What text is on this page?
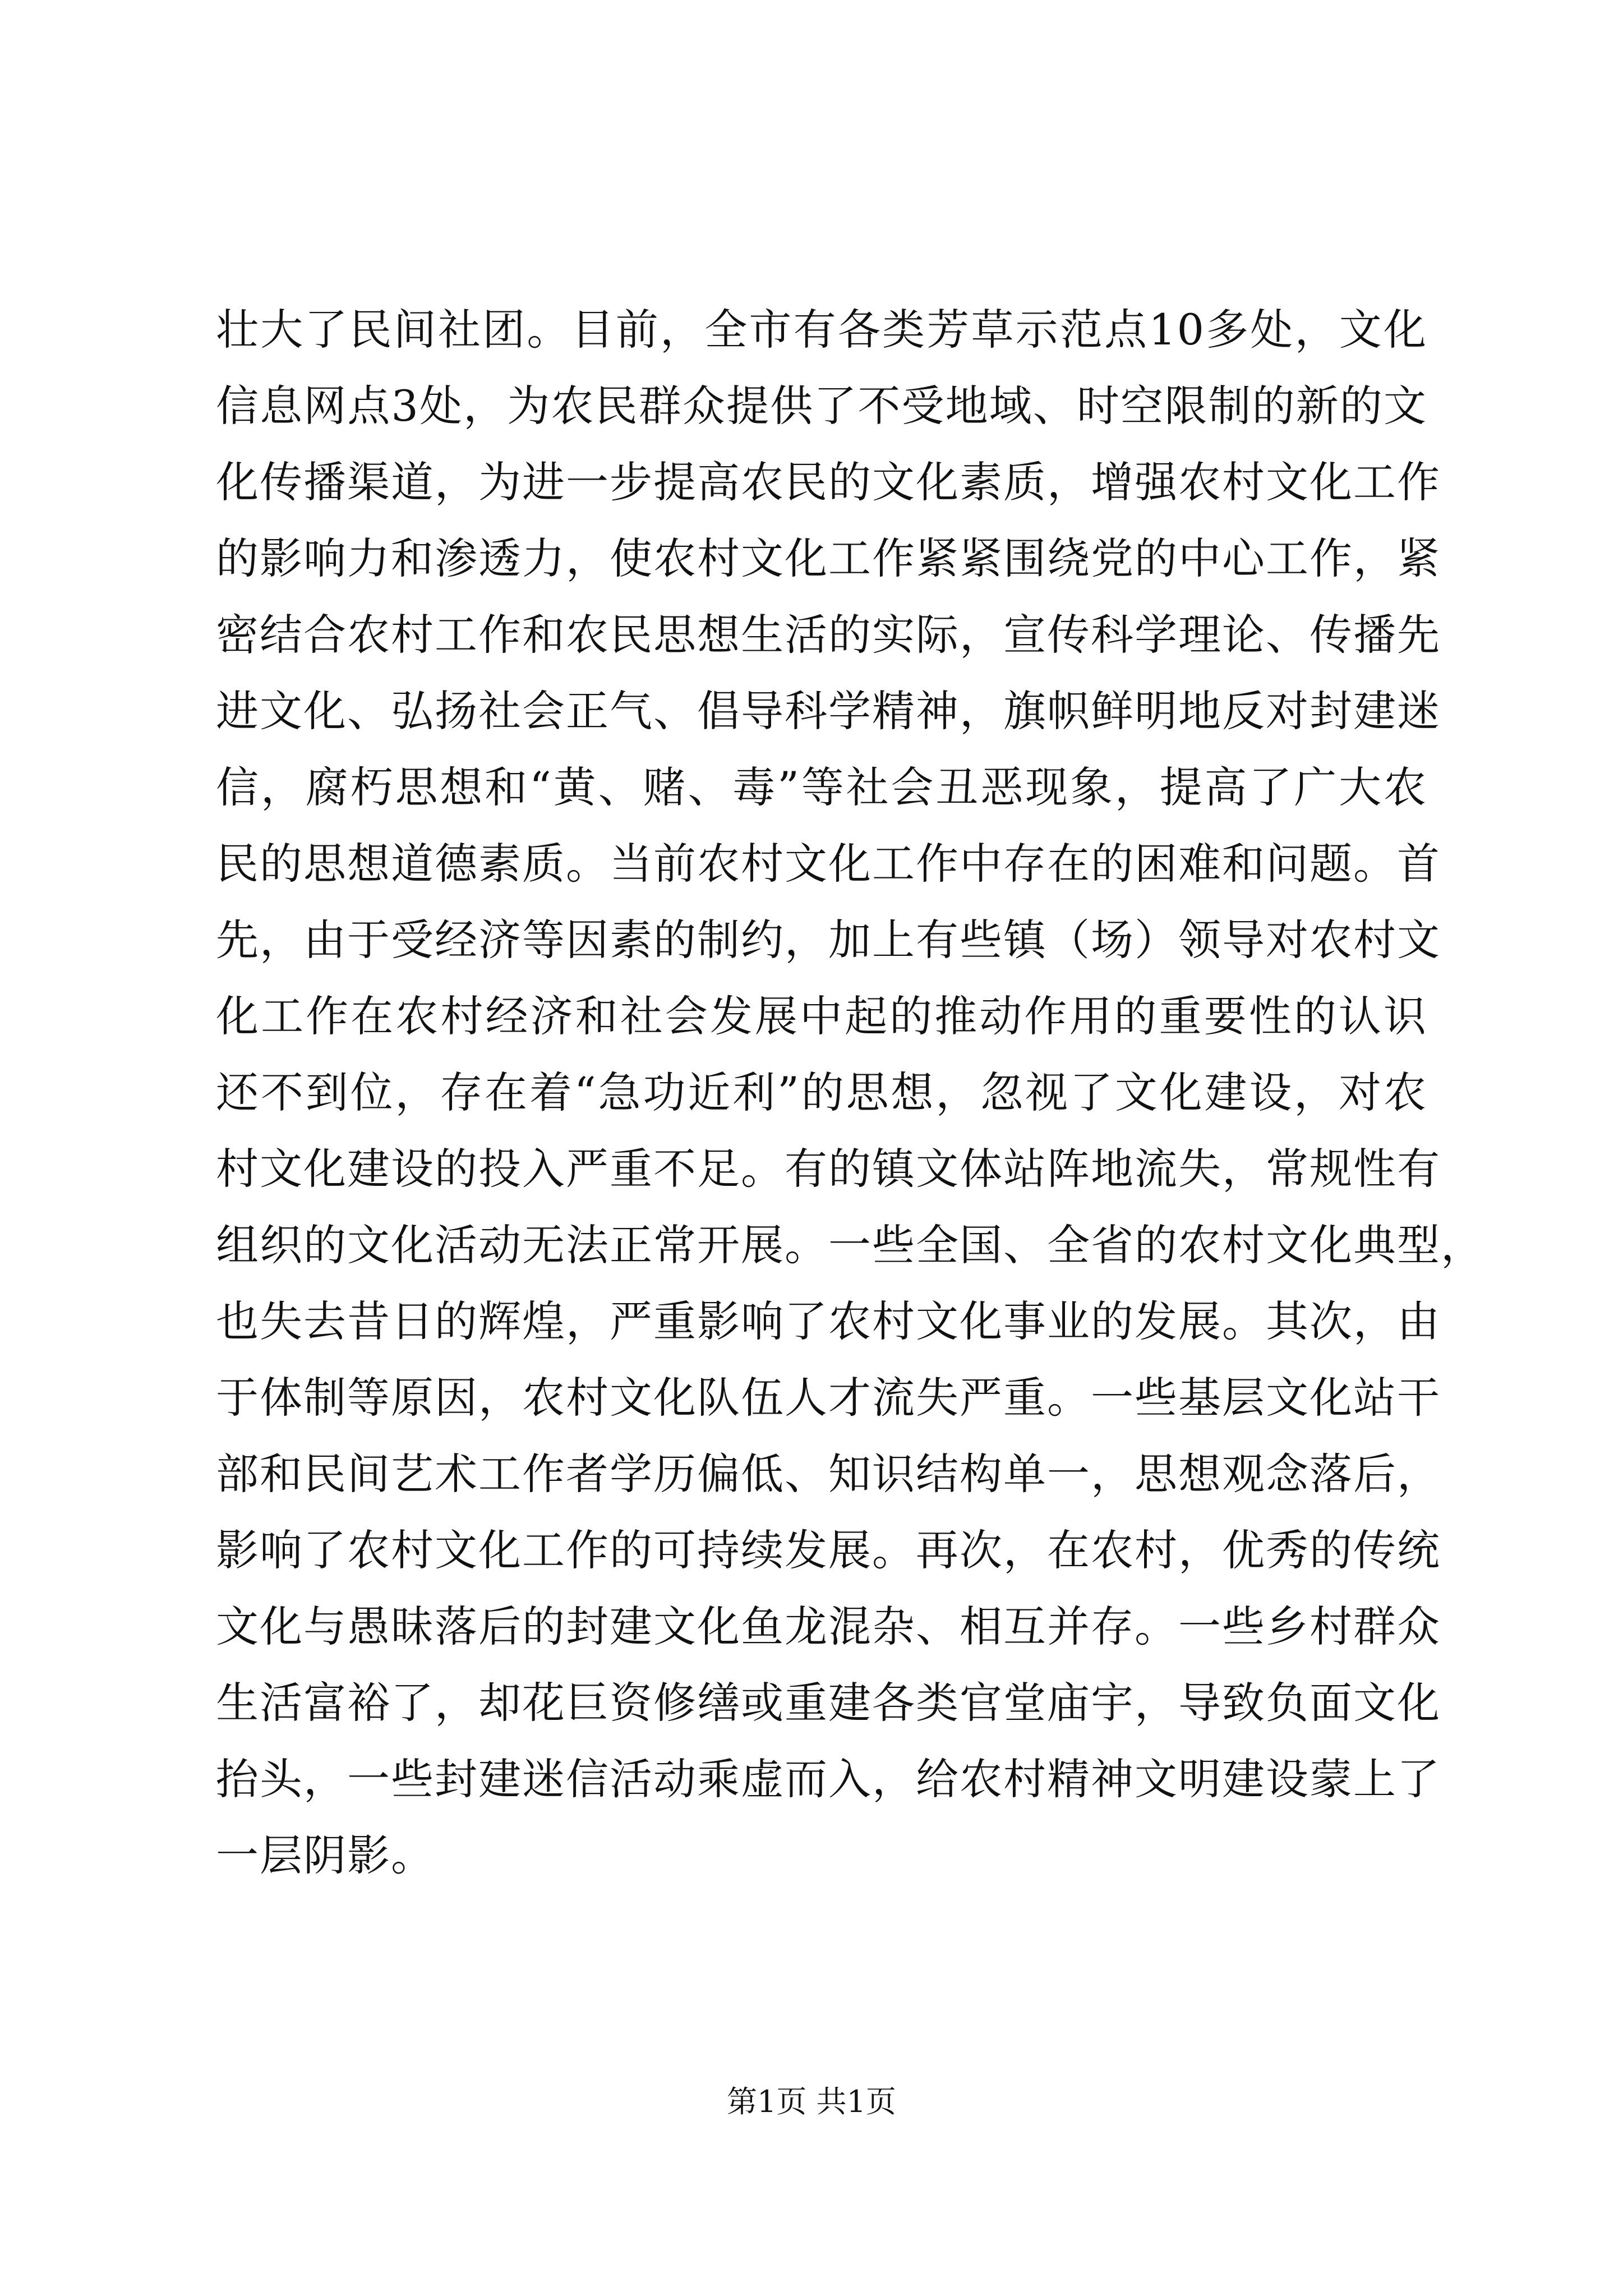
壮大了民间社团。目前，全市有各类芳草示范点10多处，文化
信息网点3处，为农民群众提供了不受地域、时空限制的新的文
化传播渠道，为进一步提高农民的文化素质，增强农村文化工作
的影响力和渗透力，使农村文化工作紧紧围绕党的中心工作，紧
密结合农村工作和农民思想生活的实际，宣传科学理论、传播先
进文化、弘扬社会正气、倡导科学精神，旗帜鲜明地反对封建迷
信，腐朽思想和“黄、赌、毒”等社会丑恶现象，提高了广大农
民的思想道德素质。当前农村文化工作中存在的困难和问题。首
先，由于受经济等因素的制约，加上有些镇（场）领导对农村文
化工作在农村经济和社会发展中起的推动作用的重要性的认识
还不到位，存在着“急功近利”的思想，忽视了文化建设，对农
村文化建设的投入严重不足。有的镇文体站阵地流失，常规性有
组织的文化活动无法正常开展。一些全国、全省的农村文化典型，
也失去昔日的辉煌，严重影响了农村文化事业的发展。其次，由
于体制等原因，农村文化队伍人才流失严重。一些基层文化站干
部和民间艺术工作者学历偏低、知识结构单一，思想观念落后，
影响了农村文化工作的可持续发展。再次，在农村，优秀的传统
文化与愚昧落后的封建文化鱼龙混杂、相互并存。一些乡村群众
生活富裕了，却花巨资修缮或重建各类官堂庙宇，导致负面文化
抬头，一些封建迷信活动乘虚而入，给农村精神文明建设蒙上了
一层阴影。
第1页 共1页
